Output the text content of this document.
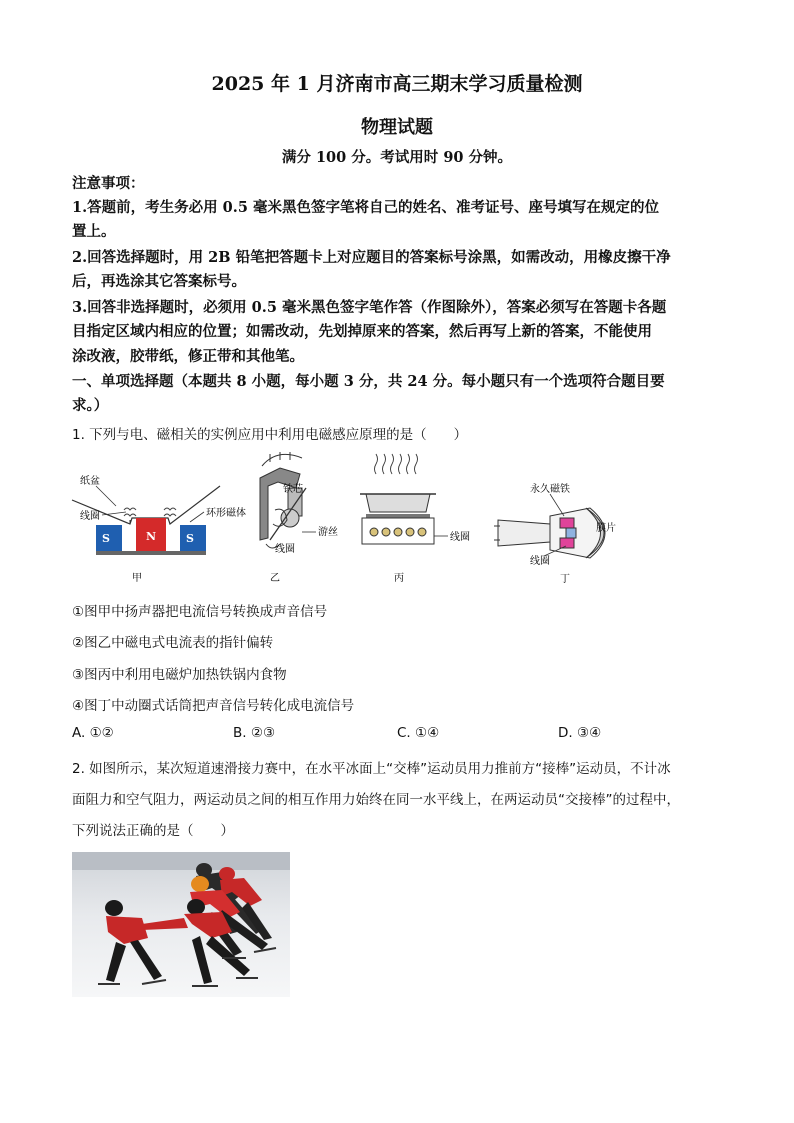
2025 年 1 月济南市高三期末学习质量检测
物理试题
满分 100 分。考试用时 90 分钟。
注意事项：
1.答题前，考生务必用 0.5 毫米黑色签字笔将自己的姓名、准考证号、座号填写在规定的位
置上。
2.回答选择题时，用 2B 铅笔把答题卡上对应题目的答案标号涂黑，如需改动，用橡皮擦干净
后，再选涂其它答案标号。
3.回答非选择题时，必须用 0.5 毫米黑色签字笔作答（作图除外），答案必须写在答题卡各题
目指定区域内相应的位置；如需改动，先划掉原来的答案，然后再写上新的答案，不能使用
涂改液，胶带纸，修正带和其他笔。
一、单项选择题（本题共 8 小题，每小题 3 分，共 24 分。每小题只有一个选项符合题目要
求。）
1. 下列与电、磁相关的实例应用中利用电磁感应原理的是（　　）
纸盆
线圈	环形磁体
S	N	S
甲
铁芯
游丝
线圈
乙
线圈
丙
永久磁铁
膜片
线圈
丁
①图甲中扬声器把电流信号转换成声音信号
②图乙中磁电式电流表的指针偏转
③图丙中利用电磁炉加热铁锅内食物
④图丁中动圈式话筒把声音信号转化成电流信号
A. ①②	B. ②③	C. ①④	D. ③④
2. 如图所示，某次短道速滑接力赛中，在水平冰面上“交棒”运动员用力推前方“接棒”运动员，不计冰
面阻力和空气阻力，两运动员之间的相互作用力始终在同一水平线上，在两运动员“交接棒”的过程中，
下列说法正确的是（　　）
